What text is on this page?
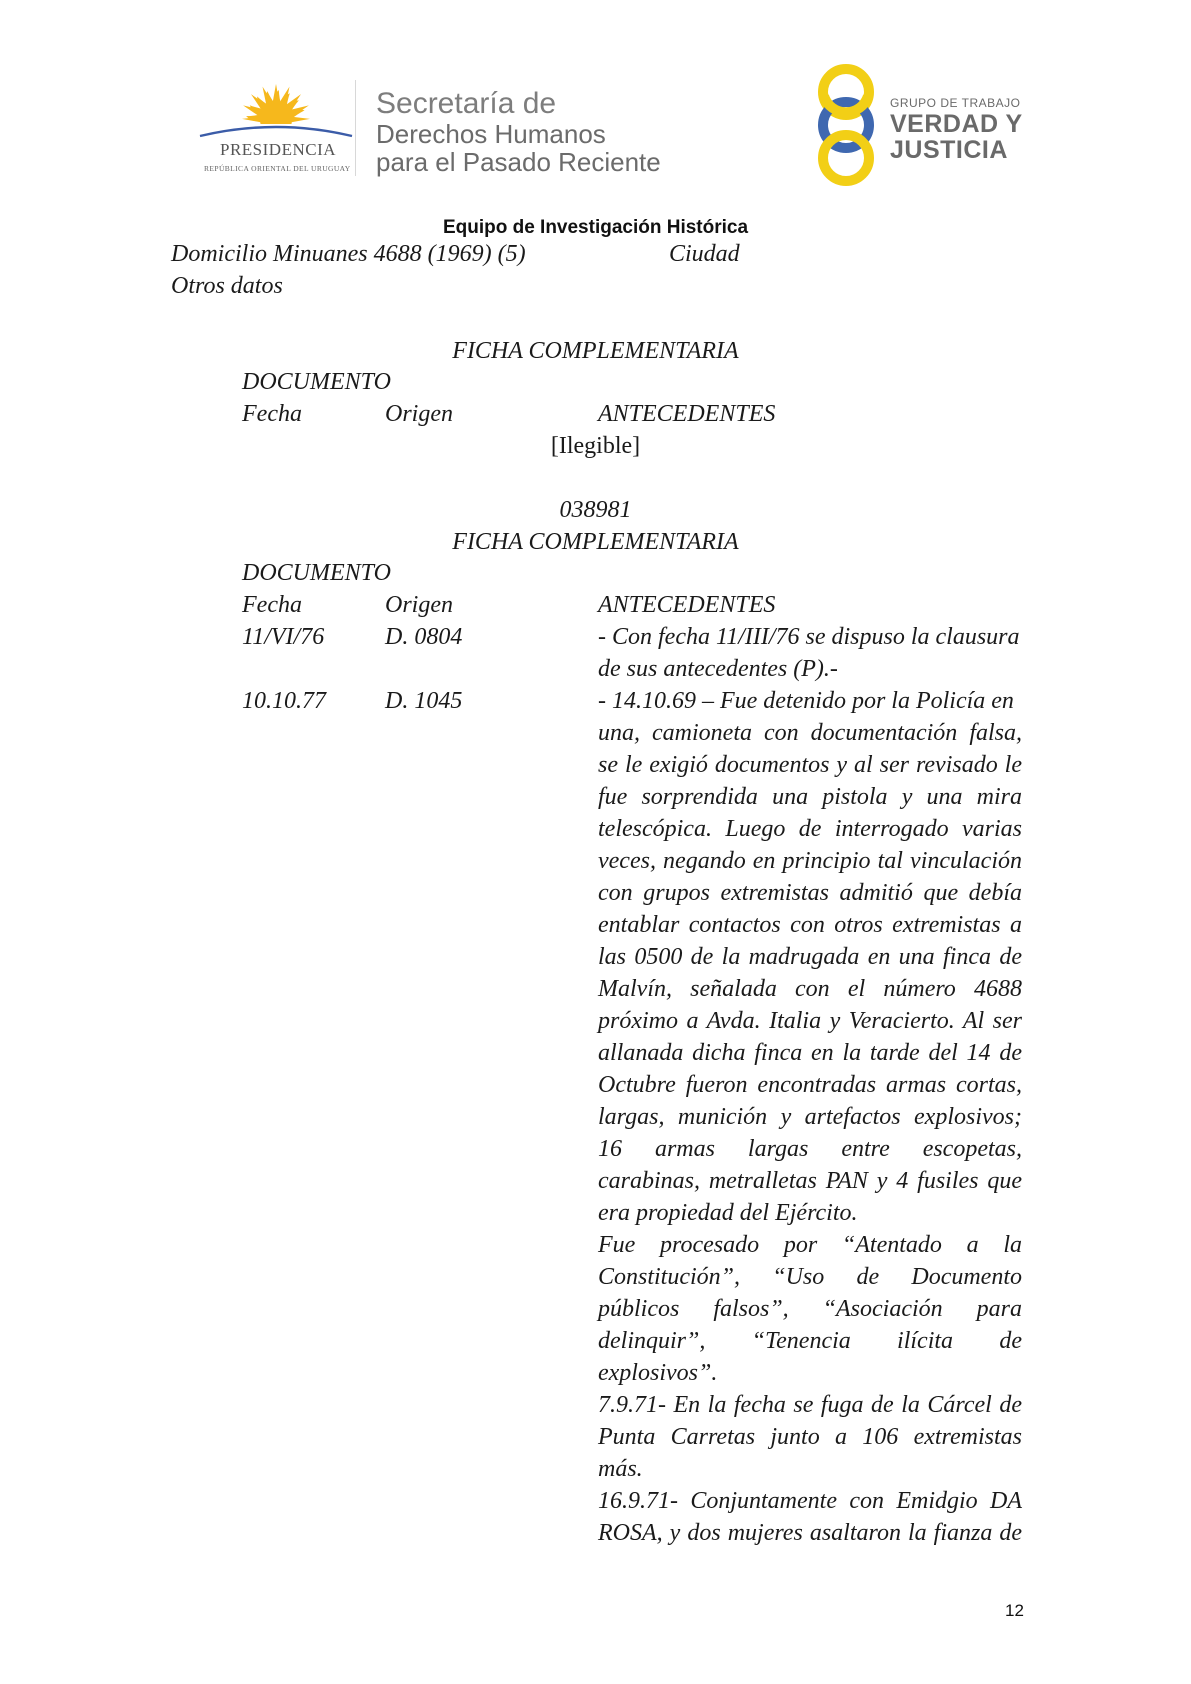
PRESIDENCIA
REPÚBLICA ORIENTAL DEL URUGUAY
Secretaría de
Derechos Humanos
para el Pasado Reciente
GRUPO DE TRABAJO
VERDAD Y
JUSTICIA
Equipo de Investigación Histórica
Domicilio Minuanes 4688 (1969) (5)	Ciudad
Otros datos
FICHA COMPLEMENTARIA
DOCUMENTO
Fecha	Origen	ANTECEDENTES
[Ilegible]
038981
FICHA COMPLEMENTARIA
DOCUMENTO
Fecha	Origen	ANTECEDENTES
11/VI/76	D. 0804	- Con fecha 11/III/76 se dispuso la clausura
de sus antecedentes (P).-
10.10.77 D. 1045	- 14.10.69 – Fue detenido por la Policía en
una, camioneta con documentación falsa,
se le exigió documentos y al ser revisado le
fue sorprendida una pistola y una mira
telescópica. Luego de interrogado varias
veces, negando en principio tal vinculación
con grupos extremistas admitió que debía
entablar contactos con otros extremistas a
las 0500 de la madrugada en una finca de
Malvín, señalada con el número 4688
próximo a Avda. Italia y Veracierto. Al ser
allanada dicha finca en la tarde del 14 de
Octubre fueron encontradas armas cortas,
largas, munición y artefactos explosivos;
16 armas largas entre escopetas,
carabinas, metralletas PAN y 4 fusiles que
era propiedad del Ejército.
Fue procesado por “Atentado a la
Constitución”, “Uso de Documento
públicos falsos”, “Asociación para
delinquir”, “Tenencia ilícita de
explosivos”.
7.9.71- En la fecha se fuga de la Cárcel de
Punta Carretas junto a 106 extremistas
más.
16.9.71- Conjuntamente con Emidgio DA
ROSA, y dos mujeres asaltaron la fianza de
12
